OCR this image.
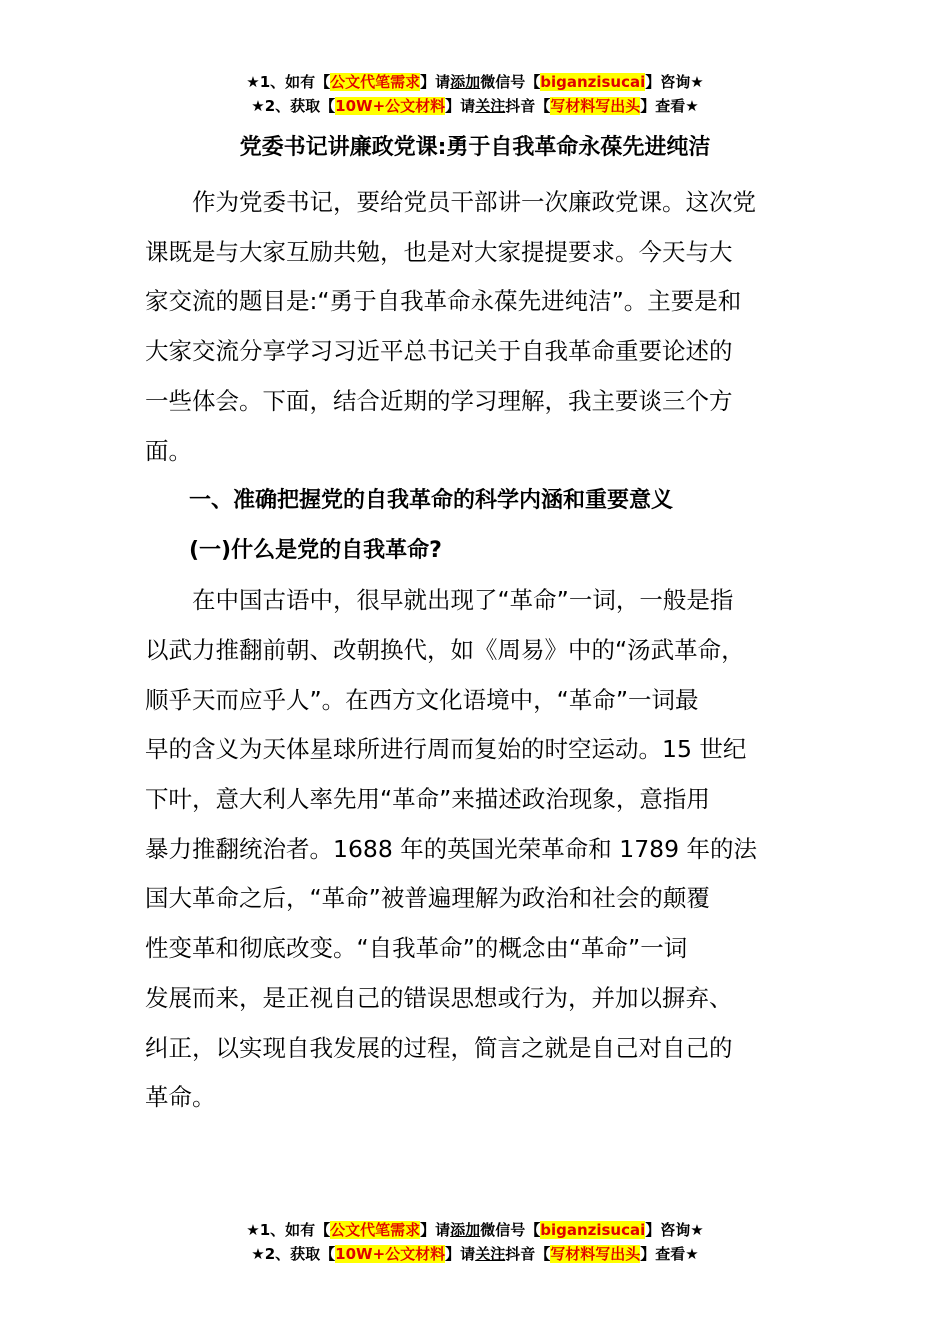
★1、如有【公文代笔需求】请添加微信号【biganzisucai】咨询★
★2、获取【10W+公文材料】请关注抖音【写材料写出头】查看★
党委书记讲廉政党课:勇于自我革命永葆先进纯洁

作为党委书记，要给党员干部讲一次廉政党课。这次党
课既是与大家互励共勉，也是对大家提提要求。今天与大
家交流的题目是:“勇于自我革命永葆先进纯洁”。主要是和
大家交流分享学习习近平总书记关于自我革命重要论述的
一些体会。下面，结合近期的学习理解，我主要谈三个方
面。

一、准确把握党的自我革命的科学内涵和重要意义

(一)什么是党的自我革命?

在中国古语中，很早就出现了“革命”一词，一般是指
以武力推翻前朝、改朝换代，如《周易》中的“汤武革命，
顺乎天而应乎人”。在西方文化语境中，“革命”一词最
早的含义为天体星球所进行周而复始的时空运动。15 世纪
下叶，意大利人率先用“革命”来描述政治现象，意指用
暴力推翻统治者。1688 年的英国光荣革命和 1789 年的法
国大革命之后，“革命”被普遍理解为政治和社会的颠覆
性变革和彻底改变。“自我革命”的概念由“革命”一词
发展而来，是正视自己的错误思想或行为，并加以摒弃、
纠正，以实现自我发展的过程，简言之就是自己对自己的
革命。

★1、如有【公文代笔需求】请添加微信号【biganzisucai】咨询★
★2、获取【10W+公文材料】请关注抖音【写材料写出头】查看★
